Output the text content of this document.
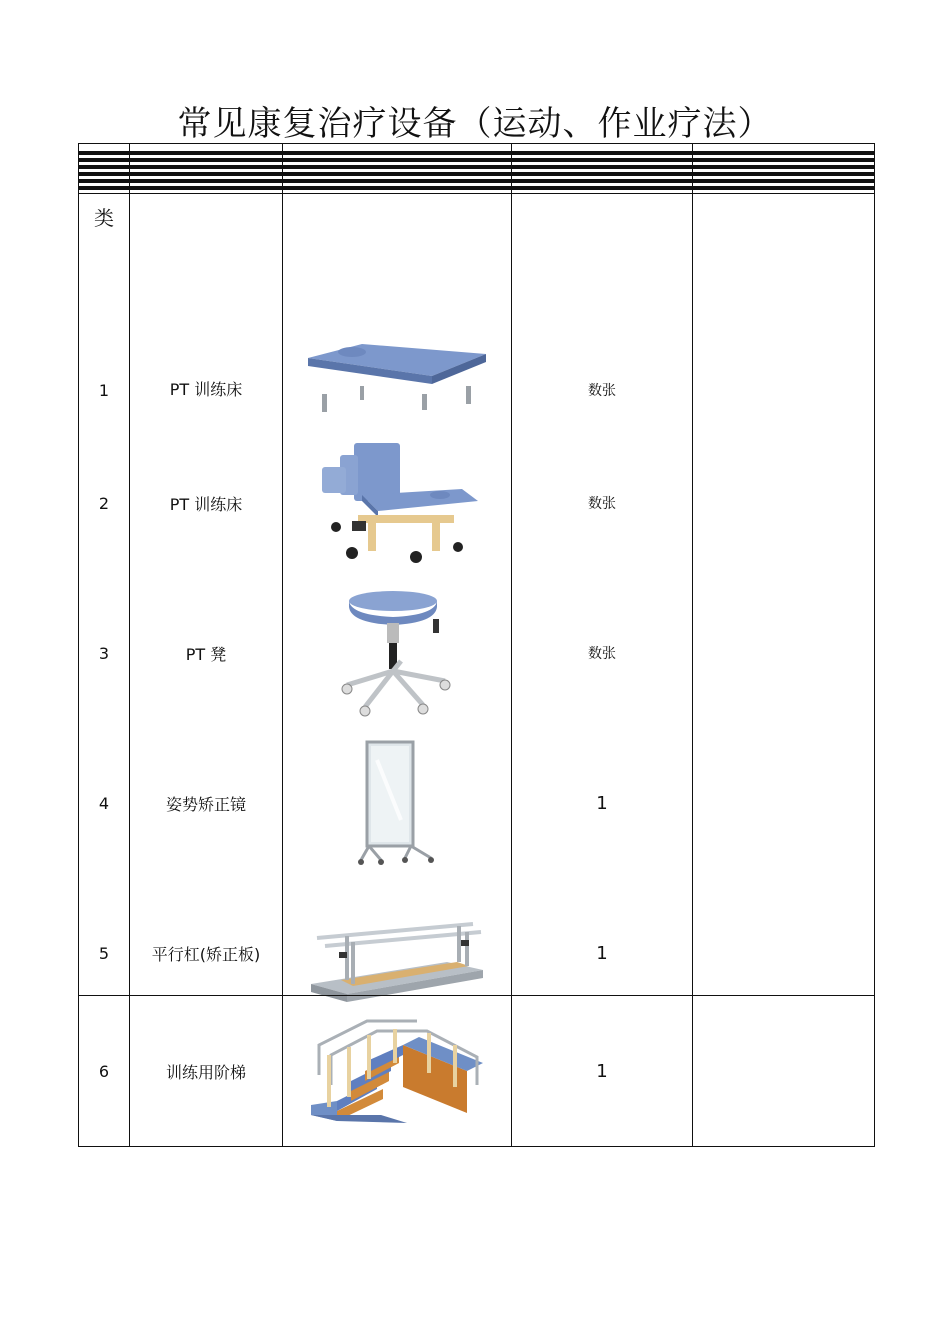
常见康复治疗设备（运动、作业疗法）
类

1	PT 训练床		数张	
2	PT 训练床		数张	
3	PT 凳		数张	
4	姿势矫正镜		1	
5	平行杠(矫正板)		1	
6	训练用阶梯		1	
